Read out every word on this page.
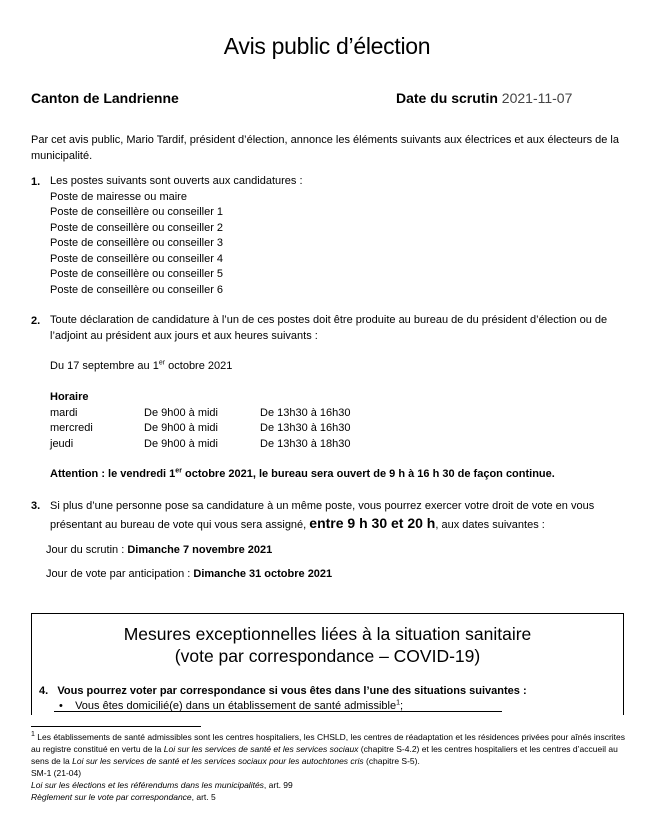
Avis public d’élection
Canton de Landrienne	Date du scrutin 2021-11-07
Par cet avis public, Mario Tardif, président d’élection, annonce les éléments suivants aux électrices et aux électeurs de la municipalité.
1. Les postes suivants sont ouverts aux candidatures :
Poste de mairesse ou maire
Poste de conseillère ou conseiller 1
Poste de conseillère ou conseiller 2
Poste de conseillère ou conseiller 3
Poste de conseillère ou conseiller 4
Poste de conseillère ou conseiller 5
Poste de conseillère ou conseiller 6
2. Toute déclaration de candidature à l’un de ces postes doit être produite au bureau de du président d’élection ou de l’adjoint au président aux jours et aux heures suivants :
Du 17 septembre au 1er octobre 2021
Horaire
mardi	De 9h00 à midi	De 13h30 à 16h30
mercredi	De 9h00 à midi	De 13h30 à 16h30
jeudi	De 9h00 à midi	De 13h30 à 18h30
Attention : le vendredi 1er octobre 2021, le bureau sera ouvert de 9 h à 16 h 30 de façon continue.
3. Si plus d’une personne pose sa candidature à un même poste, vous pourrez exercer votre droit de vote en vous présentant au bureau de vote qui vous sera assigné, entre 9 h 30 et 20 h, aux dates suivantes :
Jour du scrutin : Dimanche 7 novembre 2021
Jour de vote par anticipation : Dimanche 31 octobre 2021
Mesures exceptionnelles liées à la situation sanitaire
(vote par correspondance – COVID-19)
4. Vous pourrez voter par correspondance si vous êtes dans l’une des situations suivantes :
•    Vous êtes domicilié(e) dans un établissement de santé admissible$^1$;
$^1$ Les établissements de santé admissibles sont les centres hospitaliers, les CHSLD, les centres de réadaptation et les résidences privées pour aînés inscrites au registre constitué en vertu de la Loi sur les services de santé et les services sociaux (chapitre S-4.2) et les centres hospitaliers et les centres d’accueil au sens de la Loi sur les services de santé et les services sociaux pour les autochtones cris (chapitre S-5).
SM-1 (21-04)
Loi sur les élections et les référendums dans les municipalités, art. 99
Règlement sur le vote par correspondance, art. 5
